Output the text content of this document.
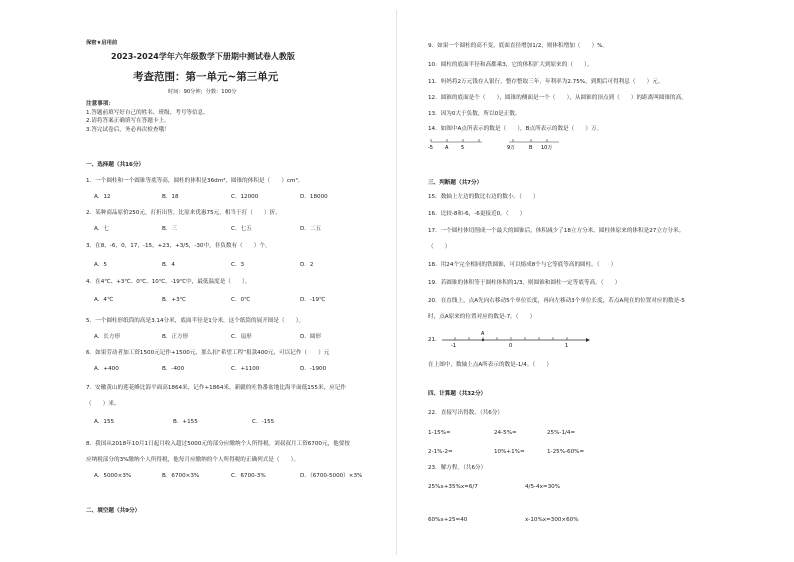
保密★启用前
2023-2024学年六年级数学下册期中测试卷人教版
考查范围：第一单元~第三单元
时间：90分钟；分数：100分
注意事项：
1.答题前填写好自己的姓名、班级、考号等信息。
2.请将答案正确填写在答题卡上。
3.答完试卷后，务必再次检查哦！
一、选择题（共16分）
1．一个圆柱和一个圆锥等底等高，圆柱的体积是36dm³，圆锥的体积是（　　）cm³。
A．12	B．18	C．12000	D．18000
2．某种商品原价250元，打折出售，比原来优惠75元，相当于打（　　）折。
A．七	B．三	C．七五	D．二五
3．在8，-6，0，17，-15，+23，+3/5，-30中，非负数有（　　）个。
A．5	B．4	C．3	D．2
4．在4℃、+3℃、0℃、10℃、-19℃中，最低温度是（　　）。
A．4℃	B．+3℃	C．0℃	D．-19℃
5．一个圆柱形纸筒的高是3.14分米，底面半径是1分米，这个纸筒的展开图是（　　）。
A．长方形	B．正方形	C．扇形	D．圆形
6．如果劳动者加工资1500元记作+1500元，那么扣“希望工程”捐款400元，可以记作（　　）元
A．+400	B．-400	C．+1100	D．-1900
7．安徽黄山的莲花峰比海平面高1864米，记作+1864米，新疆的吐鲁番盆地比海平面低155米，应记作
（　　）米。
A．155	B．+155	C．-155
8．我国从2018年10月1日起月收入超过5000元的部分应缴纳个人所得税。刘叔叔月工资6700元，他要按
应纳税部分的3%缴纳个人所得税，他每月应缴纳的个人所得税的正确列式是（　　）。
A．5000×3%	B．6700×3%	C．6700-3%	D．（6700-5000）×3%
二、填空题（共9分）
9．如果一个圆柱的高不变，底面直径增加1/2，则体积增加（　　）%。
10．圆柱的底面半径和高都乘3，它的体积扩大到原来的（　　）。
11．妈妈将2万元钱存入银行，整存整取三年，年利率为2.75%，到期后可得利息（　　）元。
12．圆锥的底面是个（　　），圆锥的侧面是一个（　　），从圆锥的顶点到（　　）的距离叫圆锥的高。
13．因为0大于负数，所以0是正数。
14．如图中A点所表示的数是（　　），B点所表示的数是（　　）万。
-5 A	5	9万	B 10万
三、判断题（共7分）
15．数轴上左边的数比右边的数小。（　　）
16．比较-8和-6，-6更接近0。（　　）
17．一个圆柱体切削成一个最大的圆锥后，体积减少了18立方分米。圆柱体原来的体积是27立方分米。
（　　）
18．用24个完全相同的铁圆锥，可以熔成8个与它等底等高的圆柱。（　　）
19．若圆锥的体积等于圆柱体积的1/3，则圆锥和圆柱一定等底等高。（　　）
20．在直线上，点A先向右移动5个单位长度，再向左移动3个单位长度，若点A现在的位置对应的数是-5
时，点A原来的位置对应的数是-7。（　　）
21．
A
-1	0	1
在上图中，数轴上点A所表示的数是-1/4。（　　）
四、计算题（共32分）
22．直接写出得数。（共6分）
1-15%=	24-5%=	25%-1/4=
2-1%-2=	10%+1%=	1-25%-60%=
23．解方程。（共6分）
25%x+35%x=6/7	4/5-4x=30%
60%x+25=40	x-10%x=300×60%
